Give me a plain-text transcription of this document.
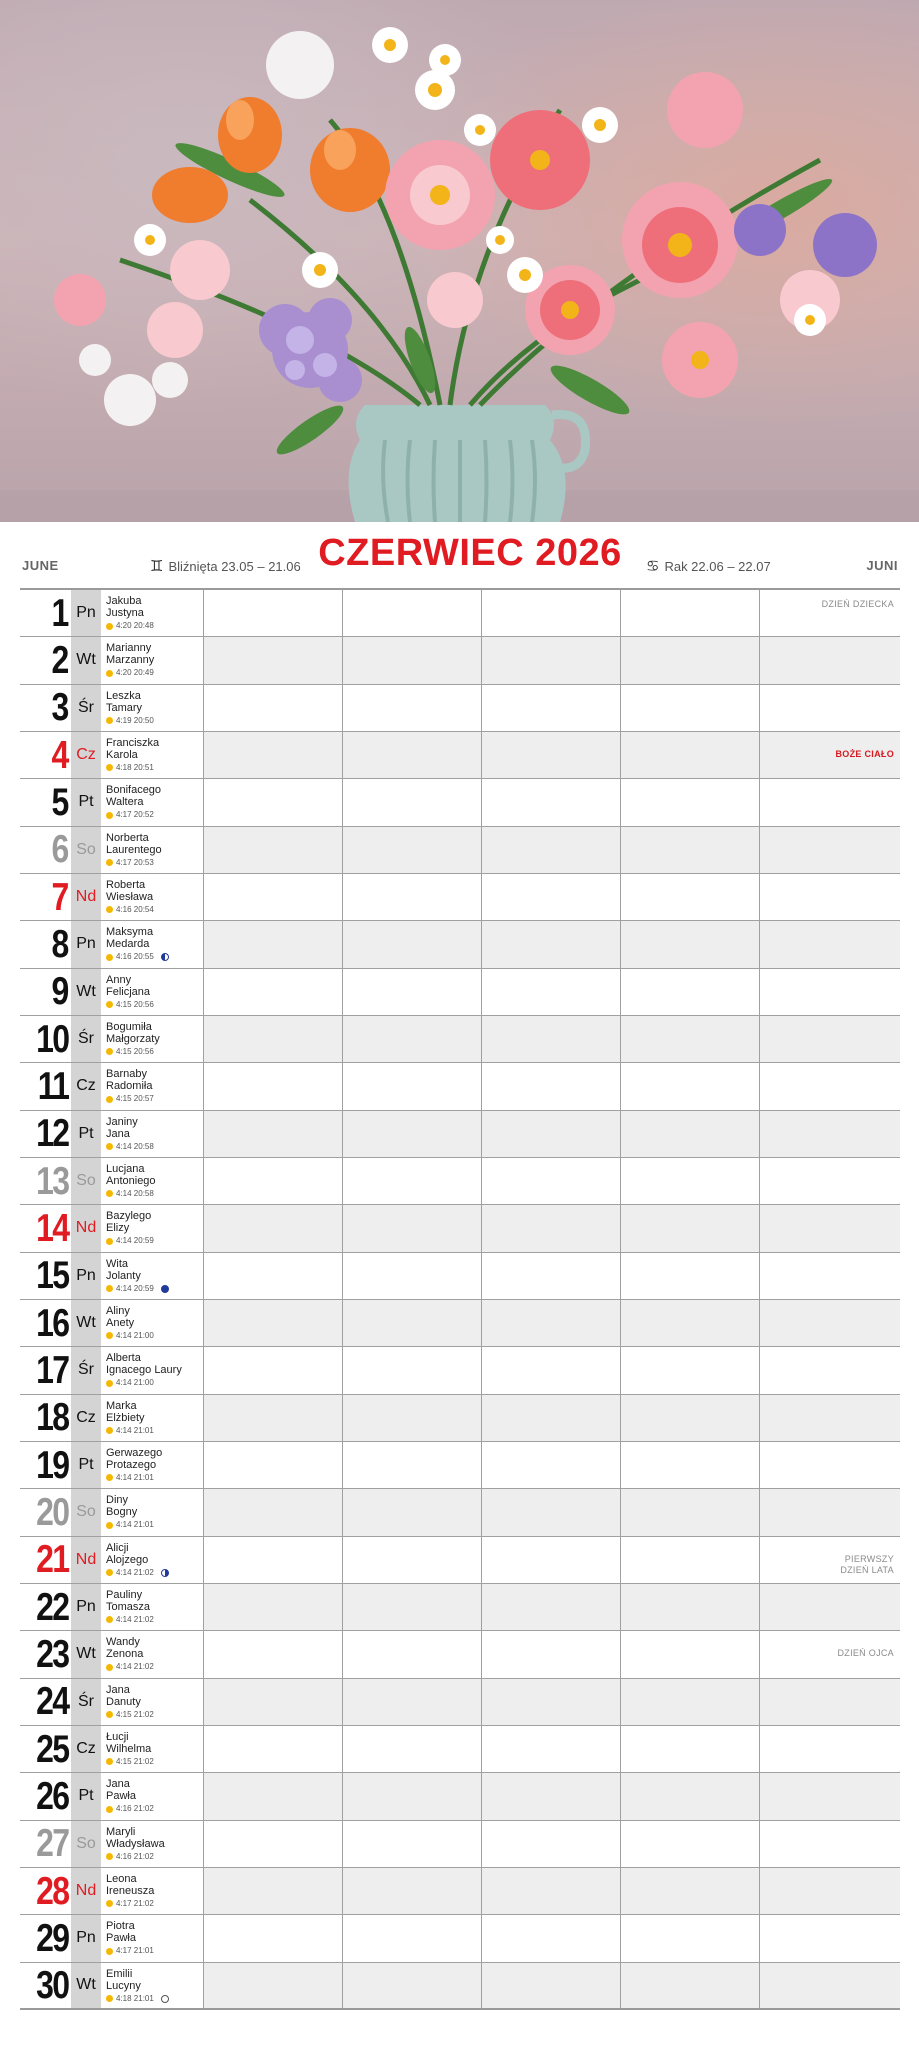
JUNE	♊ Bliźnięta 23.05 – 21.06 CZERWIEC 2026	♋ Rak 22.06 – 22.07	JUNI
1 Pn
Jakuba
Justyna
4:20 20:48
DZIEŃ DZIECKA
2 Wt
Marianny
Marzanny
4:20 20:49
3 Śr
Leszka
Tamary
4:19 20:50
4 Cz
Franciszka
Karola
4:18 20:51
BOŻE CIAŁO
5 Pt
Bonifacego
Waltera
4:17 20:52
6 So
Norberta
Laurentego
4:17 20:53
7 Nd
Roberta
Wiesława
4:16 20:54
8 Pn
Maksyma
Medarda
4:16 20:55
9 Wt
Anny
Felicjana
4:15 20:56
10 Śr
Bogumiła
Małgorzaty
4:15 20:56
11 Cz
Barnaby
Radomiła
4:15 20:57
12 Pt
Janiny
Jana
4:14 20:58
13 So
Lucjana
Antoniego
4:14 20:58
14 Nd
Bazylego
Elizy
4:14 20:59
15 Pn
Wita
Jolanty
4:14 20:59
16 Wt
Aliny
Anety
4:14 21:00
17 Śr
Alberta
Ignacego Laury
4:14 21:00
18 Cz
Marka
Elżbiety
4:14 21:01
19 Pt
Gerwazego
Protazego
4:14 21:01
20 So
Diny
Bogny
4:14 21:01
21 Nd
Alicji
Alojzego
4:14 21:02
PIERWSZY
DZIEŃ LATA
22 Pn
Pauliny
Tomasza
4:14 21:02
23 Wt
Wandy
Zenona
4:14 21:02
DZIEŃ OJCA
24 Śr
Jana
Danuty
4:15 21:02
25 Cz
Łucji
Wilhelma
4:15 21:02
26 Pt
Jana
Pawła
4:16 21:02
27 So
Maryli
Władysława
4:16 21:02
28 Nd
Leona
Ireneusza
4:17 21:02
29 Pn
Piotra
Pawła
4:17 21:01
30 Wt
Emilii
Lucyny
4:18 21:01
